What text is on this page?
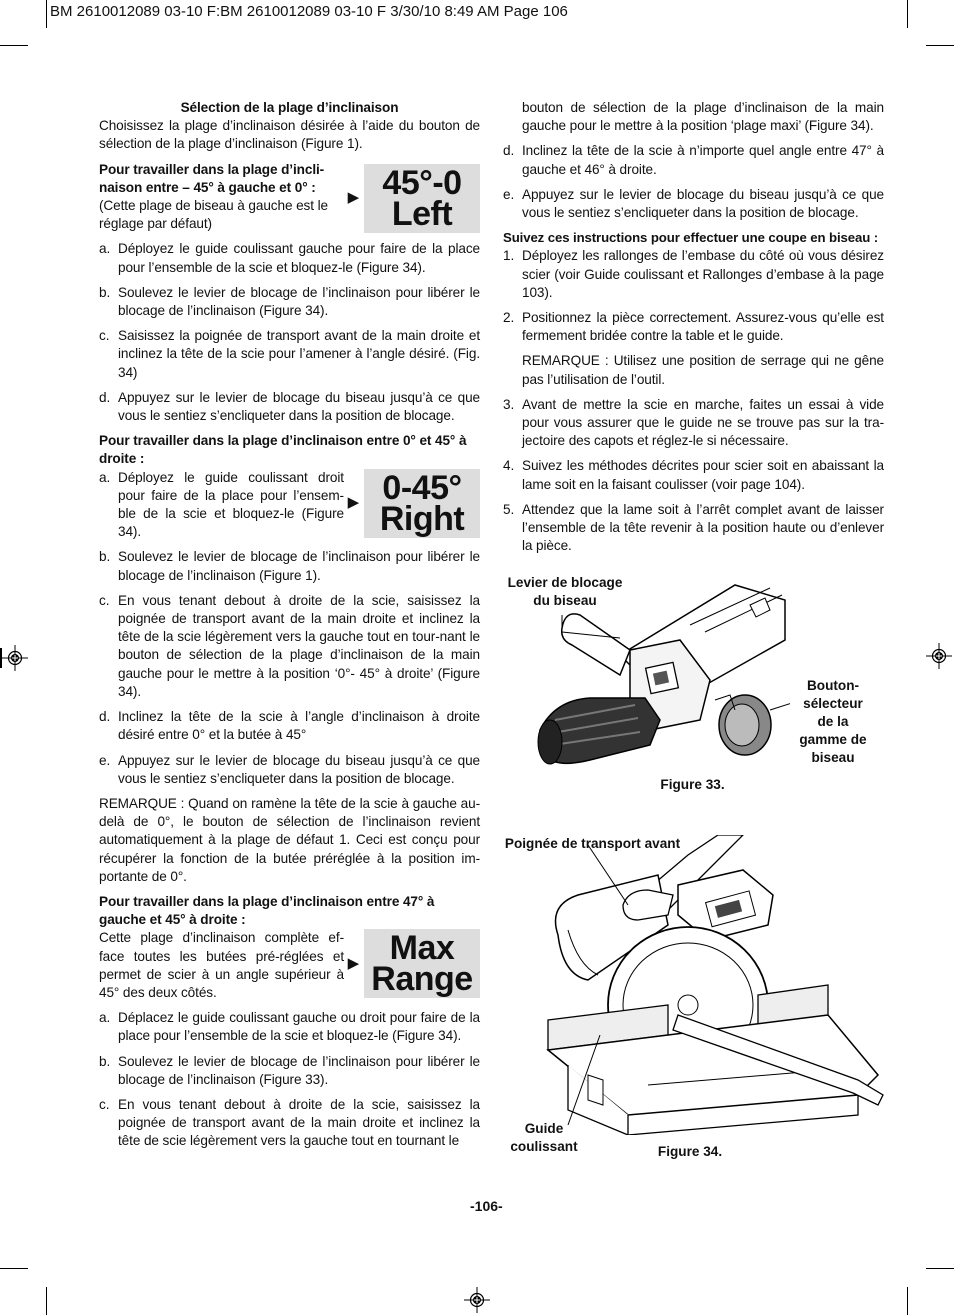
BM 2610012089 03-10 F:BM 2610012089 03-10 F 3/30/10 8:49 AM Page 106

Sélection de la plage d’inclinaison

Choisissez la plage d’inclinaison désirée à l’aide du bouton de sélection de la plage d’inclinaison (Figure 1).

Pour travailler dans la plage d’incli-naison entre – 45° à gauche et 0° :
(Cette plage de biseau à gauche est le réglage par défaut)
▶ 45°-0
Left
a. Déployez le guide coulissant gauche pour faire de la place pour l’ensemble de la scie et bloquez-le (Figure 34).
b. Soulevez le levier de blocage de l’inclinaison pour libérer le blocage de l’inclinaison (Figure 34).
c. Saisissez la poignée de transport avant de la main droite et inclinez la tête de la scie pour l’amener à l’angle désiré. (Fig. 34)
d. Appuyez sur le levier de blocage du biseau jusqu’à ce que vous le sentiez s’encliqueter dans la position de blocage.
Pour travailler dans la plage d’inclinaison entre 0° et 45° à droite :
a. Déployez le guide coulissant droit pour faire de la place pour l’ensem-ble de la scie et bloquez-le (Figure 34).
▶ 0-45°
Right
b. Soulevez le levier de blocage de l’inclinaison pour libérer le blocage de l’inclinaison (Figure 1).
c. En vous tenant debout à droite de la scie, saisissez la poignée de transport avant de la main droite et inclinez la tête de la scie légèrement vers la gauche tout en tour-nant le bouton de sélection de la plage d’inclinaison de la main gauche pour le mettre à la position ‘0°- 45° à droite’ (Figure 34).
d. Inclinez la tête de la scie à l’angle d’inclinaison à droite désiré entre 0° et la butée à 45°
e. Appuyez sur le levier de blocage du biseau jusqu’à ce que vous le sentiez s’encliqueter dans la position de blocage.

REMARQUE : Quand on ramène la tête de la scie à gauche au-delà de 0°, le bouton de sélection de l’inclinaison revient automatiquement à la plage de défaut 1. Ceci est conçu pour récupérer la fonction de la butée préréglée à la position im-portante de 0°.

Pour travailler dans la plage d’inclinaison entre 47° à gauche et 45° à droite :
Cette plage d’inclinaison complète ef-face toutes les butées pré-réglées et permet de scier à un angle supérieur à 45° des deux côtés.
▶ Max
Range
a. Déplacez le guide coulissant gauche ou droit pour faire de la place pour l’ensemble de la scie et bloquez-le (Figure 34).
b. Soulevez le levier de blocage de l’inclinaison pour libérer le blocage de l’inclinaison (Figure 33).
c. En vous tenant debout à droite de la scie, saisissez la poignée de transport avant de la main droite et inclinez la tête de scie légèrement vers la gauche tout en tournant le

bouton de sélection de la plage d’inclinaison de la main gauche pour le mettre à la position ‘plage maxi’ (Figure 34).

d. Inclinez la tête de la scie à n’importe quel angle entre 47° à gauche et 46° à droite.
e. Appuyez sur le levier de blocage du biseau jusqu’à ce que vous le sentiez s’encliqueter dans la position de blocage.
Suivez ces instructions pour effectuer une coupe en biseau :
1. Déployez les rallonges de l’embase du côté où vous désirez scier (voir Guide coulissant et Rallonges d’embase à la page 103).
2. Positionnez la pièce correctement. Assurez-vous qu’elle est fermement bridée contre la table et le guide.

REMARQUE : Utilisez une position de serrage qui ne gêne pas l’utilisation de l’outil.

3. Avant de mettre la scie en marche, faites un essai à vide pour vous assurer que le guide ne se trouve pas sur la tra-jectoire des capots et réglez-le si nécessaire.
4. Suivez les méthodes décrites pour scier soit en abaissant la lame soit en la faisant coulisser (voir page 104).
5. Attendez que la lame soit à l’arrêt complet avant de laisser l’ensemble de la tête revenir à la position haute ou d’enlever la pièce.
Levier de blocage
du biseau
Bouton-
sélecteur
de la
gamme de
biseau
Figure 33.
Poignée de transport avant
Guide
coulissant	Figure 34.
-106-
